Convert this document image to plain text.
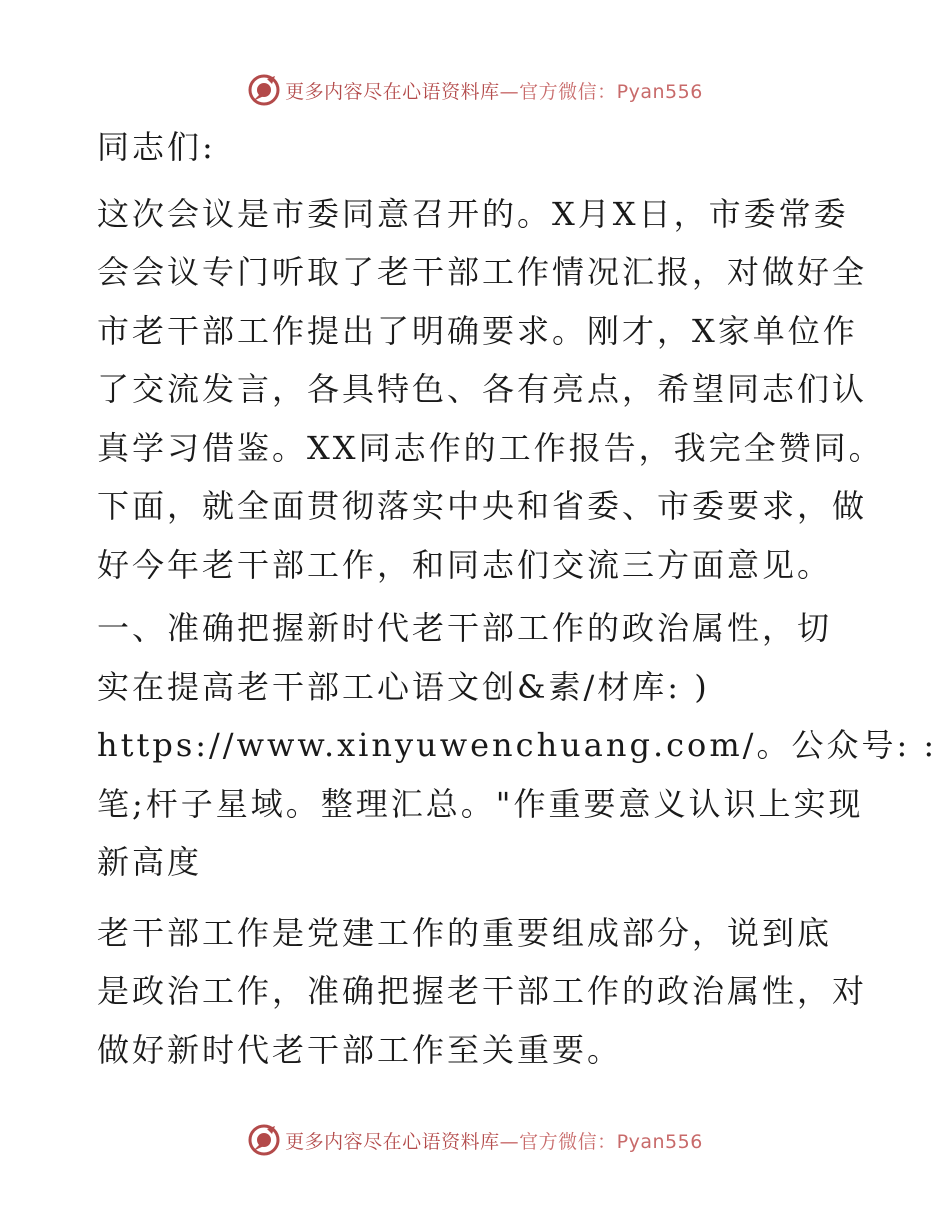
更多内容尽在心语资料库—官方微信：Pyan556

同志们:

这次会议是市委同意召开的。X月X日，市委常委
会会议专门听取了老干部工作情况汇报，对做好全
市老干部工作提出了明确要求。刚才，X家单位作
了交流发言，各具特色、各有亮点，希望同志们认
真学习借鉴。XX同志作的工作报告，我完全赞同。
下面，就全面贯彻落实中央和省委、市委要求，做
好今年老干部工作，和同志们交流三方面意见。

一、准确把握新时代老干部工作的政治属性，切
实在提高老干部工心语文创&素/材库: )
https://www.xinyuwenchuang.com/。公众号: :
笔;杆子星域。整理汇总。"作重要意义认识上实现
新高度

老干部工作是党建工作的重要组成部分，说到底
是政治工作，准确把握老干部工作的政治属性，对
做好新时代老干部工作至关重要。

更多内容尽在心语资料库—官方微信：Pyan556
